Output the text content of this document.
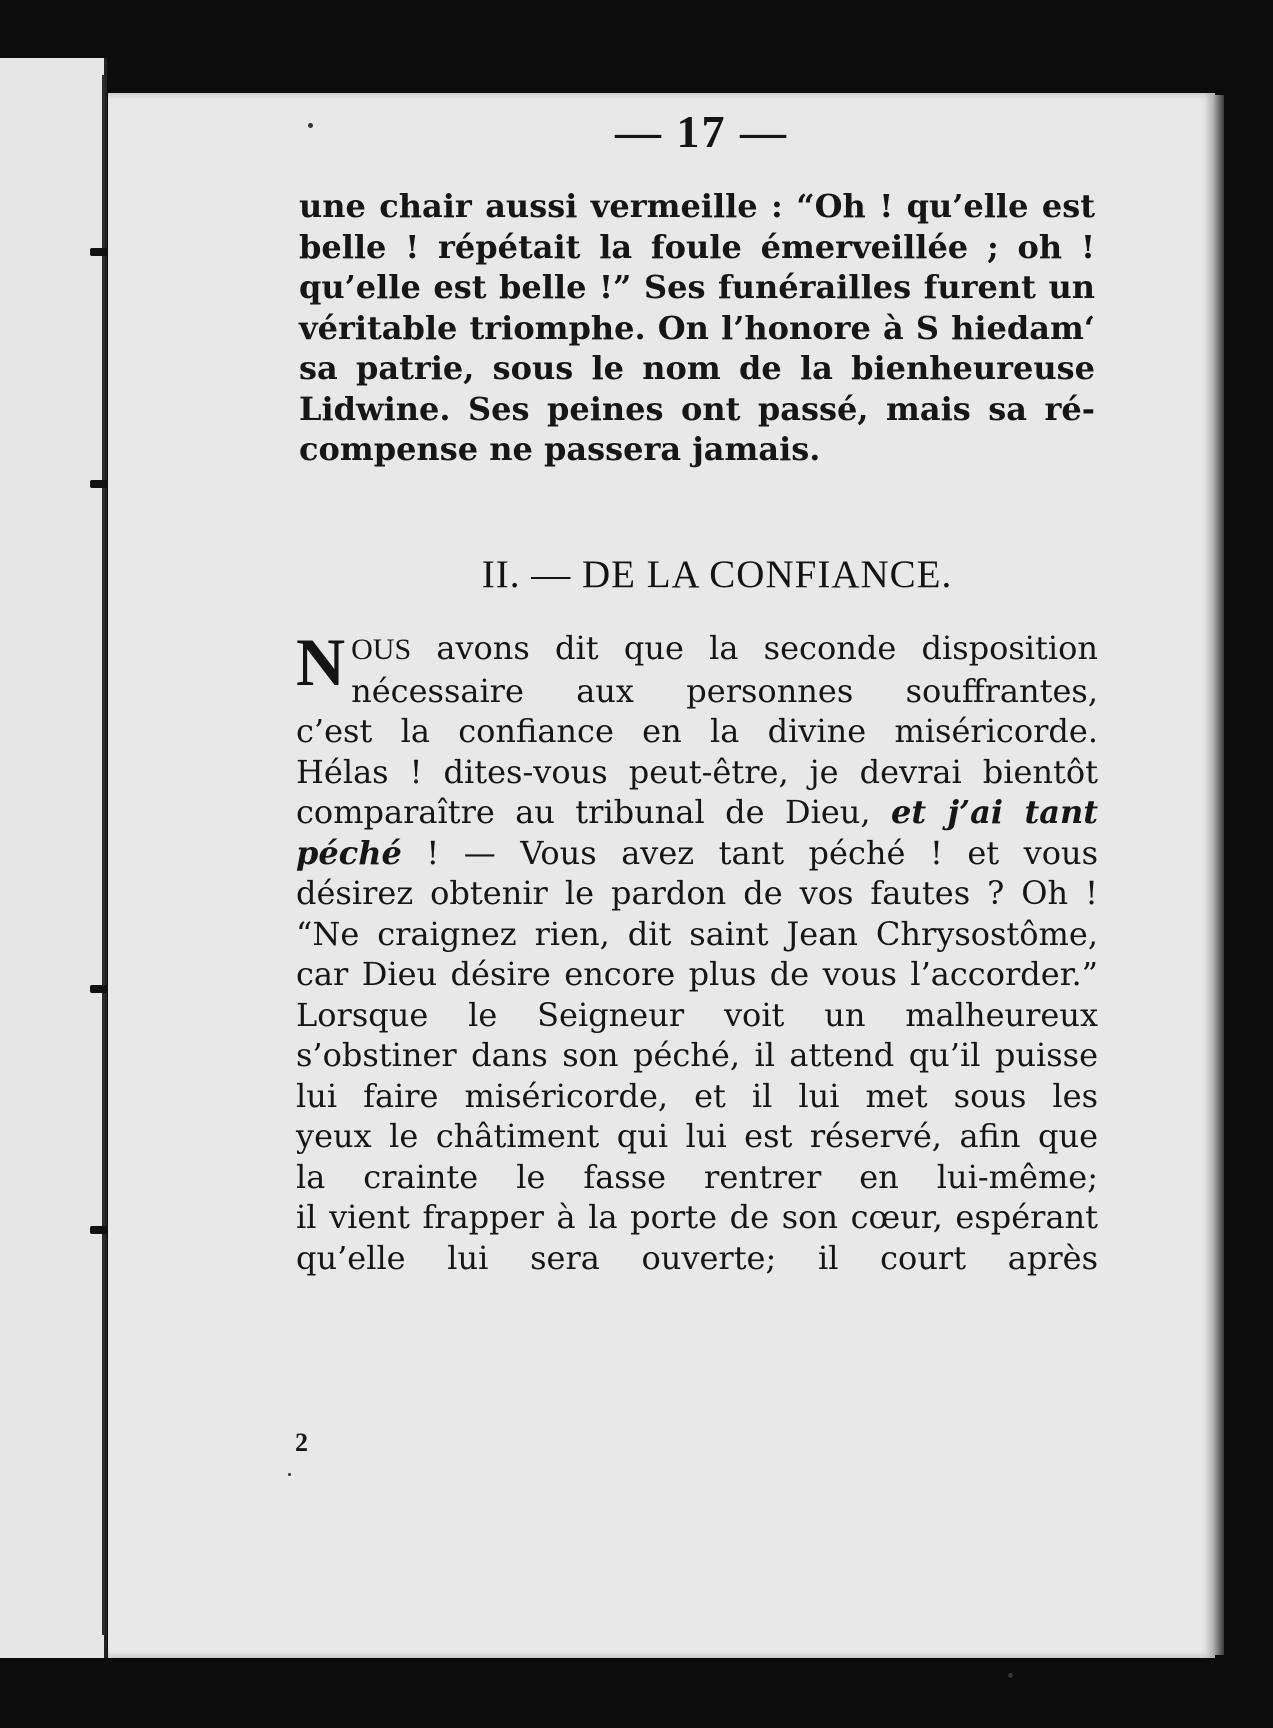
— 17 —
une chair aussi vermeille : “Oh ! qu’elle est
belle ! répétait la foule émerveillée ; oh !
qu’elle est belle !” Ses funérailles furent un
véritable triomphe. On l’honore à S hiedam‘
sa patrie, sous le nom de la bienheureuse
Lidwine. Ses peines ont passé, mais sa ré-
compense ne passera jamais.
II. — DE LA CONFIANCE.
N OUS avons dit que la seconde disposition
nécessaire aux personnes souffrantes,
c’est la confiance en la divine miséricorde.
Hélas ! dites-vous peut-être, je devrai bientôt
comparaître au tribunal de Dieu, et j’ai tant
péché ! — Vous avez tant péché ! et vous
désirez obtenir le pardon de vos fautes ? Oh !
“Ne craignez rien, dit saint Jean Chrysostôme,
car Dieu désire encore plus de vous l’accorder.”
Lorsque le Seigneur voit un malheureux
s’obstiner dans son péché, il attend qu’il puisse
lui faire miséricorde, et il lui met sous les
yeux le châtiment qui lui est réservé, afin que
la crainte le fasse rentrer en lui-même;
il vient frapper à la porte de son cœur, espérant
qu’elle lui sera ouverte; il court après
2
